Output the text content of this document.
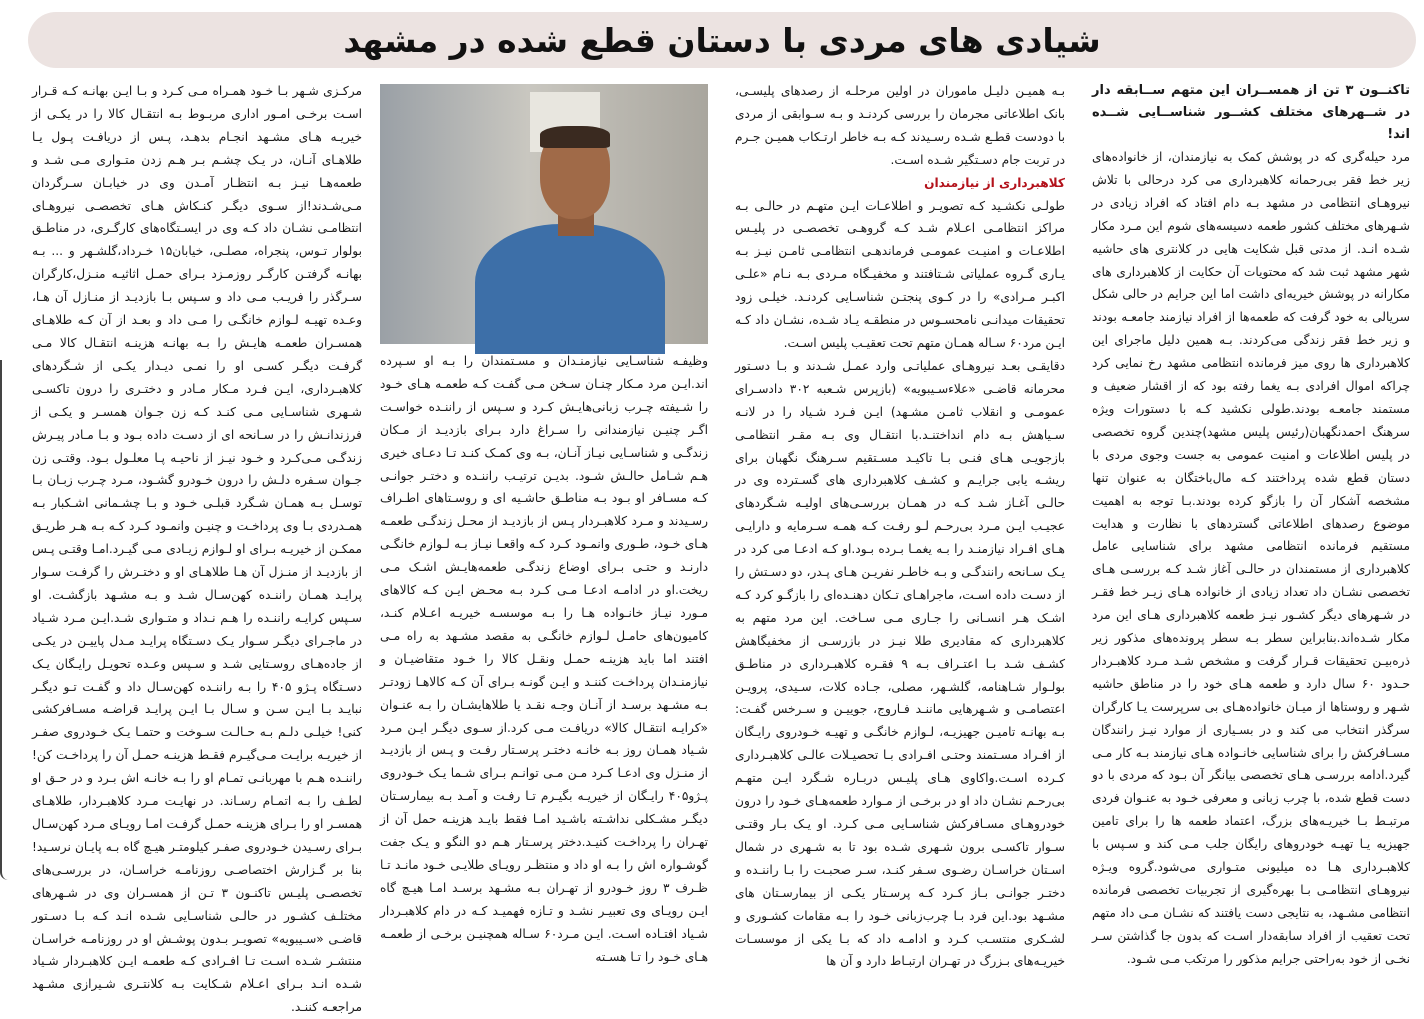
شیادی های مردی با دستان قطع شده در مشهد

تاکنــون ۳ تن از همســران این متهم ســابقه دار در شــهرهای مختلف کشــور شناســایی شــده اند!

مرد حیله‌گری که در پوشش کمک به نیازمندان، از خانواده‌های زیر خط فقر بی‌رحمانه کلاهبرداری می کرد درحالی با تلاش نیروهـای انتظامی در مشهد بـه دام افتاد که افراد زیادی در شـهرهای مختلف کشور طعمه دسیسه‌های شوم این مـرد مکار شـده انـد. از مدتی قبل شکایت هایی در کلانتری های حاشیه شهر مشهد ثبت شد که محتویات آن حکایت از کلاهبرداری های مکارانه در پوشش خیریه‌ای داشت اما این جرایم در حالی شکل سریالی به خود گرفت که طعمه‌ها از افراد نیازمند جامعـه بودند و زیر خط فقر زندگی می‌کردند. بـه همین دلیل ماجرای این کلاهبرداری ها روی میز فرمانده انتظامی مشهد رخ نمایی کرد چراکه اموال افرادی بـه یغما رفته بود که از اقشار ضعیف و مستمند جامعـه بودند.طولی نکشید کـه با دستورات ویژه سرهنگ احمدنگهبان(رئیس پلیس مشهد)چندین گروه تخصصی در پلیس اطلاعات و امنیت عمومی به جست وجوی مردی با دستان قطع شده پرداختند کـه مال‌باختگان به عنوان تنها مشخصه آشکار آن را بازگو کرده بودند.بـا توجه به اهمیت موضوع رصدهای اطلاعاتی گستردهای با نظارت و هدایت مستقیم فرمانده انتظامی مشهد برای شناسایی عامل کلاهبرداری از مستمندان در حالـی آغاز شـد کـه بررسـی هـای تخصصی نشـان داد تعداد زیادی از خانواده هـای زیـر خط فقـر در شـهرهای دیگر کشـور نیـز طعمه کلاهبرداری هـای این مرد مکار شـده‌اند.بنابراین سطر بـه سطر پرونده‌های مذکور زیر ذره‌بیـن تحقیقات قـرار گرفت و مشخص شـد مـرد کلاهبـردار حـدود ۶۰ سال دارد و طعمه هـای خود را در مناطق حاشیه شـهر و روستاها از میـان خانواده‌هـای بی سرپرست یـا کارگران سرگذر انتخاب می کند و در بسـیاری از موارد نیـز رانندگان مسـافرکش را برای شناسایی خانـواده هـای نیازمند بـه کار مـی گیرد.ادامه بررسـی هـای تخصصی بیانگر آن بـود که مردی با دو دست قطع شده، با چرب زبانی و معرفی خـود به عنـوان فردی مرتبـط بـا خیریـه‌های بزرگ، اعتماد طعمه ها را برای تامین جهیزیه یـا تهیـه خودروهای رایگان جلب مـی کند و سـپس با کلاهبـرداری هـا ده میلیونی متـواری می‌شود.گروه ویـژه نیروهـای انتظامـی بـا بهره‌گیری از تجربیات تخصصی فرمانده انتظامی مشـهد، به نتایجی دست یافتند که نشـان مـی داد متهم تحت تعقیب از افراد سابقه‌دار اسـت که بدون جا گذاشتن سـر نخـی از خود به‌راحتی جرایم مذکور را مرتکب مـی شـود.

بـه همیـن دلیـل ماموران در اولین مرحلـه از رصدهای پلیسـی، بانک اطلاعاتی مجرمان را بررسی کردنـد و بـه سـوابقی از مردی با دودست قطـع شـده رسـیدند کـه بـه خاطر ارتـکاب همیـن جـرم در تربت جام دسـتگیر شـده اسـت.

کلاهبرداری از نیازمندان

طولـی نکشـید کـه تصویـر و اطلاعـات ایـن متهـم در حالـی بـه مراکز انتظامـی اعـلام شـد کـه گروهـی تخصصـی در پلیـس اطلاعـات و امنیـت عمومـی فرماندهـی انتظامـی ثامـن نیـز بـه یـاری گـروه عملیاتی شـتافتند و مخفیـگاه مـردی بـه نـام «علـی اکبـر مـرادی» را در کـوی پنجتـن شناسـایی کردنـد. خیلـی زود تحقیقات میدانـی نامحسـوس در منطقـه یـاد شـده، نشـان داد کـه ایـن مرد۶۰ سـاله همـان متهم تحت تعقیـب پلیس اسـت.

دقایقـی بعـد نیروهـای عملیاتـی وارد عمـل شـدند و بـا دسـتور محرمانه قاضـی «علاءسـیبویه» (بازپرس شـعبه ۳۰۲ دادسـرای عمومـی و انقلاب ثامـن مشـهد) ایـن فـرد شـیاد را در لانـه سـیاهش بـه دام انداختنـد.با انتقـال وی بـه مقـر انتظامـی بازجویـی هـای فنـی بـا تاکیـد مسـتقیم سـرهنگ نگهبان برای ریشـه یابی جرایـم و کشـف کلاهبرداری های گسـترده وی در حالـی آغـاز شـد کـه در همـان بررسـی‌های اولیـه شـگردهای عجیـب ایـن مـرد بی‌رحـم لـو رفـت کـه همـه سـرمایه و دارایـی هـای افـراد نیازمنـد را بـه یغمـا بـرده بـود.او کـه ادعـا می کرد در یـک سـانحه رانندگـی و بـه خاطـر نفریـن هـای پـدر، دو دسـتش را از دسـت داده اسـت، ماجراهـای تـکان دهنـده‌ای را بازگـو کرد کـه اشـک هـر انسـانی را جـاری مـی سـاخت. این مرد متهم به کلاهبرداری که مقادیری طلا نیـز در بازرسـی از مخفیگاهش کشـف شـد بـا اعتـراف بـه ۹ فقـره کلاهبـرداری در مناطـق بولـوار شـاهنامه، گلشـهر، مصلی، جـاده کلات، سـیدی، پرویـن اعتصامـی و شـهرهایی ماننـد فـاروج، جوییـن و سـرخس گفـت: بـه بهانـه تامیـن جهیزیـه، لـوازم خانگـی و تهیـه خـودروی رایـگان از افـراد مسـتمند وحتـی افـرادی بـا تحصیـلات عالـی کلاهبـرداری کـرده اسـت.واکاوی هـای پلیـس دربـاره شـگرد ایـن متهـم بی‌رحـم نشـان داد او در برخـی از مـوارد طعمه‌هـای خـود را درون خودروهـای مسـافرکش شناسـایی مـی کـرد. او یـک بـار وقتـی سـوار تاکسـی برون شـهری شـده بود تا به شـهری در شمال اسـتان خراسـان رضـوی سـفر کنـد، سـر صحبـت را بـا راننـده و دختـر جوانـی بـاز کـرد کـه پرسـتار یکـی از بیمارسـتان های مشـهد بود.این فرد بـا چرب‌زبانی خـود را بـه مقامات کشـوری و لشـکری منتسـب کـرد و ادامـه داد که بـا یکی از موسسـات خیریـه‌های بـزرگ در تهـران ارتبـاط دارد و آن ها

وظیفـه شناسـایی نیازمنـدان و مسـتمندان را بـه او سـپرده اند.ایـن مرد مـکار چنـان سـخن مـی گفـت کـه طعمـه هـای خـود را شـیفته چـرب زبانی‌هایـش کـرد و سـپس از راننـده خواسـت اگـر چنیـن نیازمندانی را سـراغ دارد بـرای بازدیـد از مـکان زندگـی و شناسـایی نیـاز آنـان، بـه وی کمـک کنـد تـا دعـای خیری هـم شـامل حالـش شـود. بدیـن ترتیـب راننـده و دختـر جوانـی کـه مسـافر او بـود بـه مناطـق حاشـیه ای و روسـتاهای اطـراف رسـیدند و مـرد کلاهبـردار پـس از بازدیـد از محـل زندگـی طعمـه هـای خـود، طـوری وانمـود کـرد کـه واقعـا نیـاز بـه لـوازم خانگـی دارنـد و حتـی بـرای اوضاع زندگـی طعمه‌هایـش اشـک مـی ریخت.او در ادامـه ادعـا مـی کـرد بـه محـض ایـن کـه کالاهای مـورد نیـاز خانـواده هـا را بـه موسسـه خیریـه اعـلام کنـد، کامیون‌های حامـل لـوازم خانگـی به مقصد مشـهد به راه مـی افتند اما باید هزینـه حمـل ونقـل کالا را خـود متقاضیـان و نیازمنـدان پرداخـت کننـد و ایـن گونـه بـرای آن کـه کالاهـا زودتـر بـه مشـهد برسـد از آنـان وجـه نقـد یا طلاهایشـان را بـه عنـوان «کرایـه انتقـال کالا» دریافـت مـی کرد.از سـوی دیگـر ایـن مـرد شـیاد همـان روز بـه خانـه دختـر پرسـتار رفـت و پـس از بازدیـد از منـزل وی ادعـا کـرد مـن مـی توانـم بـرای شـما یـک خـودروی پـژو۴۰۵ رایـگان از خیریـه بگیـرم تـا رفـت و آمـد بـه بیمارسـتان دیگـر مشـکلی نداشـته باشـید امـا فقط بایـد هزینـه حمل آن از تهـران را پرداخـت کنیـد.دختر پرسـتار هـم دو النگو و یـک جفت گوشـواره اش را بـه او داد و منتظـر رویـای طلایـی خـود مانـد تـا ظـرف ۳ روز خـودرو از تهـران بـه مشـهد برسـد امـا هیـچ گاه ایـن رویـای وی تعبیـر نشـد و تـازه فهمیـد کـه در دام کلاهبـردار شـیاد افتـاده اسـت. ایـن مـرد۶۰ سـاله همچنیـن برخـی از طعمـه هـای خـود را تـا هسـته

مرکـزی شـهر بـا خـود همـراه مـی کـرد و بـا ایـن بهانـه کـه قـرار اسـت برخـی امـور اداری مربـوط بـه انتقـال کالا را در یکـی از خیریـه هـای مشـهد انجـام بدهـد، پـس از دریافـت پـول یـا طلاهـای آنـان، در یـک چشـم بـر هـم زدن متـواری مـی شـد و طعمه‌هـا نیـز بـه انتظـار آمـدن وی در خیابـان سـرگردان مـی‌شـدند!از سـوی دیگـر کنـکاش هـای تخصصـی نیروهـای انتظامـی نشـان داد کـه وی در ایسـتگاه‌های کارگـری، در مناطـق بولوار تـوس، پنجراه، مصلـی، خیابان۱۵ خـرداد،گلشـهر و ... بـه بهانـه گرفتـن کارگـر روزمـزد بـرای حمـل اثاثیـه منـزل،کارگران سـرگذر را فریـب مـی داد و سـپس بـا بازدیـد از منـازل آن هـا، وعـده تهیـه لـوازم خانگـی را مـی داد و بعـد از آن کـه طلاهـای همسـران طعمـه هایـش را بـه بهانـه هزینـه انتقـال کالا مـی گرفـت دیگـر کسـی او را نمـی دیـدار یکـی از شـگردهای کلاهبـرداری، ایـن فـرد مـکار مـادر و دختـری را درون تاکسـی شـهری شناسـایی مـی کنـد کـه زن جـوان همسـر و یکـی از فرزندانـش را در سـانحه ای از دسـت داده بـود و بـا مـادر پیـرش زندگـی مـی‌کـرد و خـود نیـز از ناحیـه پـا معلـول بـود. وقتـی زن جـوان سـفره دلـش را درون خـودرو گشـود، مـرد چـرب زبـان بـا توسـل بـه همـان شـگرد قبلـی خـود و بـا چشـمانی اشـکبار بـه همـدردی بـا وی پرداخـت و چنیـن وانمـود کـرد کـه بـه هـر طریـق ممکـن از خیریـه بـرای او لـوازم زیـادی مـی گیـرد.امـا وقتـی پـس از بازدیـد از منـزل آن هـا طلاهـای او و دختـرش را گرفـت سـوار پرایـد همـان راننـده کهن‌سـال شـد و بـه مشـهد بازگشـت. او سـپس کرایـه راننـده را هـم نـداد و متـواری شـد.ایـن مـرد شـیاد در ماجـرای دیگـر سـوار یـک دسـتگاه پرایـد مـدل پاییـن در یکـی از جاده‌هـای روسـتایی شـد و سـپس وعـده تحویـل رایـگان یـک دسـتگاه پـژو ۴۰۵ را بـه راننـده کهن‌سـال داد و گفـت تـو دیگـر نبایـد بـا ایـن سـن و سـال بـا ایـن پرایـد قراضـه مسـافرکشی کنی! خیلـی دلـم بـه حـالـت سـوخت و حتمـا یـک خـودروی صفـر از خیریـه برایـت مـی‌گیـرم فقـط هزینـه حمـل آن را پرداخـت کن! راننـده هـم با مهربانـی تمـام او را بـه خانـه اش بـرد و در حـق او لطـف را بـه اتمـام رسـاند. در نهایـت مـرد کلاهبـردار، طلاهـای همسـر او را بـرای هزینـه حمـل گرفـت امـا رویـای مـرد کهن‌سـال بـرای رسـیدن خـودروی صفـر کیلومتـر هیـچ گاه بـه پایـان نرسـید!بنا بر گـزارش اختصاصـی روزنامـه خراسـان، در بررسـی‌های تخصصـی پلیـس تاکنـون ۳ تـن از همسـران وی در شـهرهای مختلـف کشـور در حالـی شناسـایی شـده انـد کـه بـا دسـتور قاضـی «سـیبویه» تصویـر بـدون پوشـش او در روزنامـه خراسـان منتشـر شـده اسـت تـا افـرادی کـه طعمـه ایـن کلاهبـردار شـیاد شـده انـد بـرای اعـلام شـکایت بـه کلانتـری شـیرازی مشـهد مراجعـه کننـد.
